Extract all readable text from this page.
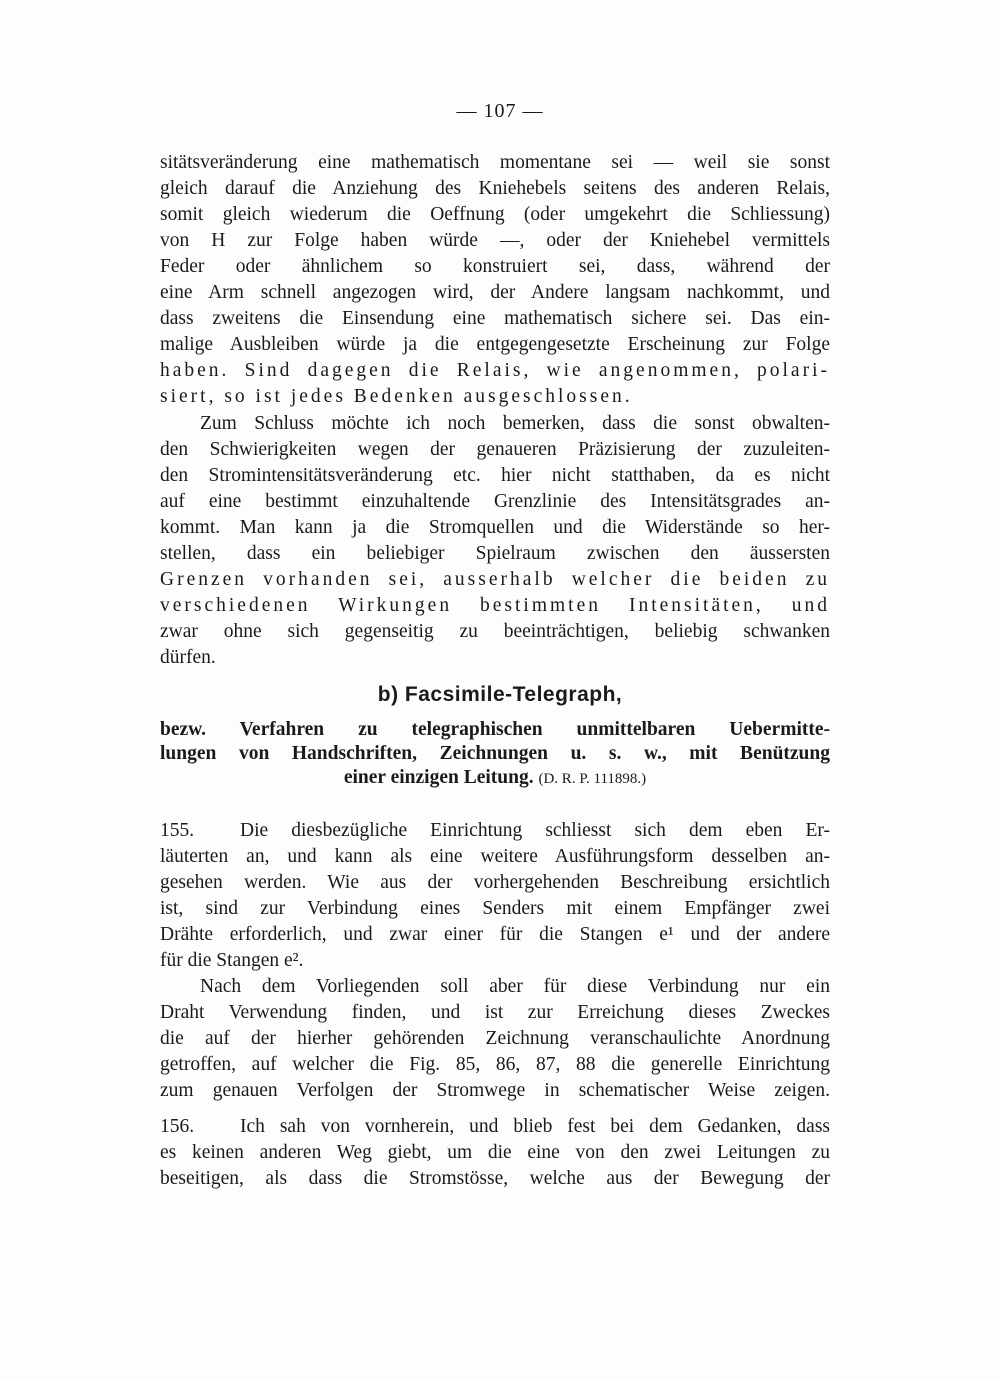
— 107 —
sitätsveränderung eine mathematisch momentane sei — weil sie sonst
gleich darauf die Anziehung des Kniehebels seitens des anderen Relais,
somit gleich wiederum die Oeffnung (oder umgekehrt die Schliessung)
von H zur Folge haben würde —, oder der Kniehebel vermittels
Feder oder ähnlichem so konstruiert sei, dass, während der
eine Arm schnell angezogen wird, der Andere langsam nachkommt, und
dass zweitens die Einsendung eine mathematisch sichere sei. Das ein-
malige Ausbleiben würde ja die entgegengesetzte Erscheinung zur Folge
haben. Sind dagegen die Relais, wie angenommen, polari-
siert, so ist jedes Bedenken ausgeschlossen.
Zum Schluss möchte ich noch bemerken, dass die sonst obwalten-
den Schwierigkeiten wegen der genaueren Präzisierung der zuzuleiten-
den Stromintensitätsveränderung etc. hier nicht statthaben, da es nicht
auf eine bestimmt einzuhaltende Grenzlinie des Intensitätsgrades an-
kommt. Man kann ja die Stromquellen und die Widerstände so her-
stellen, dass ein beliebiger Spielraum zwischen den äussersten
Grenzen vorhanden sei, ausserhalb welcher die beiden zu
verschiedenen Wirkungen bestimmten Intensitäten, und
zwar ohne sich gegenseitig zu beeinträchtigen, beliebig schwanken
dürfen.
b) Facsimile-Telegraph,
bezw. Verfahren zu telegraphischen unmittelbaren Uebermitte-
lungen von Handschriften, Zeichnungen u. s. w., mit Benützung
einer einzigen Leitung. (D. R. P. 111898.)
155. Die diesbezügliche Einrichtung schliesst sich dem eben Er-
läuterten an, und kann als eine weitere Ausführungsform desselben an-
gesehen werden. Wie aus der vorhergehenden Beschreibung ersichtlich
ist, sind zur Verbindung eines Senders mit einem Empfänger zwei
Drähte erforderlich, und zwar einer für die Stangen e¹ und der andere
für die Stangen e².
Nach dem Vorliegenden soll aber für diese Verbindung nur ein
Draht Verwendung finden, und ist zur Erreichung dieses Zweckes
die auf der hierher gehörenden Zeichnung veranschaulichte Anordnung
getroffen, auf welcher die Fig. 85, 86, 87, 88 die generelle Einrichtung
zum genauen Verfolgen der Stromwege in schematischer Weise zeigen.
156. Ich sah von vornherein, und blieb fest bei dem Gedanken, dass
es keinen anderen Weg giebt, um die eine von den zwei Leitungen zu
beseitigen, als dass die Stromstösse, welche aus der Bewegung der
